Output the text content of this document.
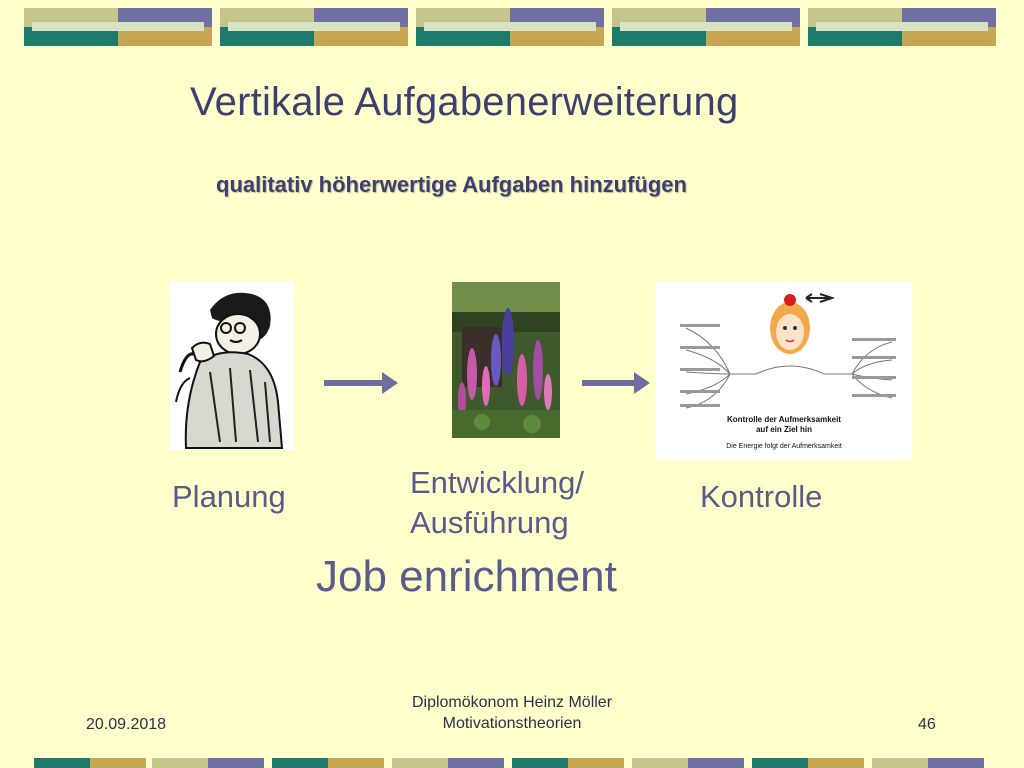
Vertikale Aufgabenerweiterung
qualitativ höherwertige Aufgaben hinzufügen
Kontrolle der Aufmerksamkeit
auf ein Ziel hin
Die Energie folgt der Aufmerksamkeit
Planung	Entwicklung/
Ausführung
Kontrolle
Job enrichment
20.09.2018
Diplomökonom Heinz Möller
Motivationstheorien	46
